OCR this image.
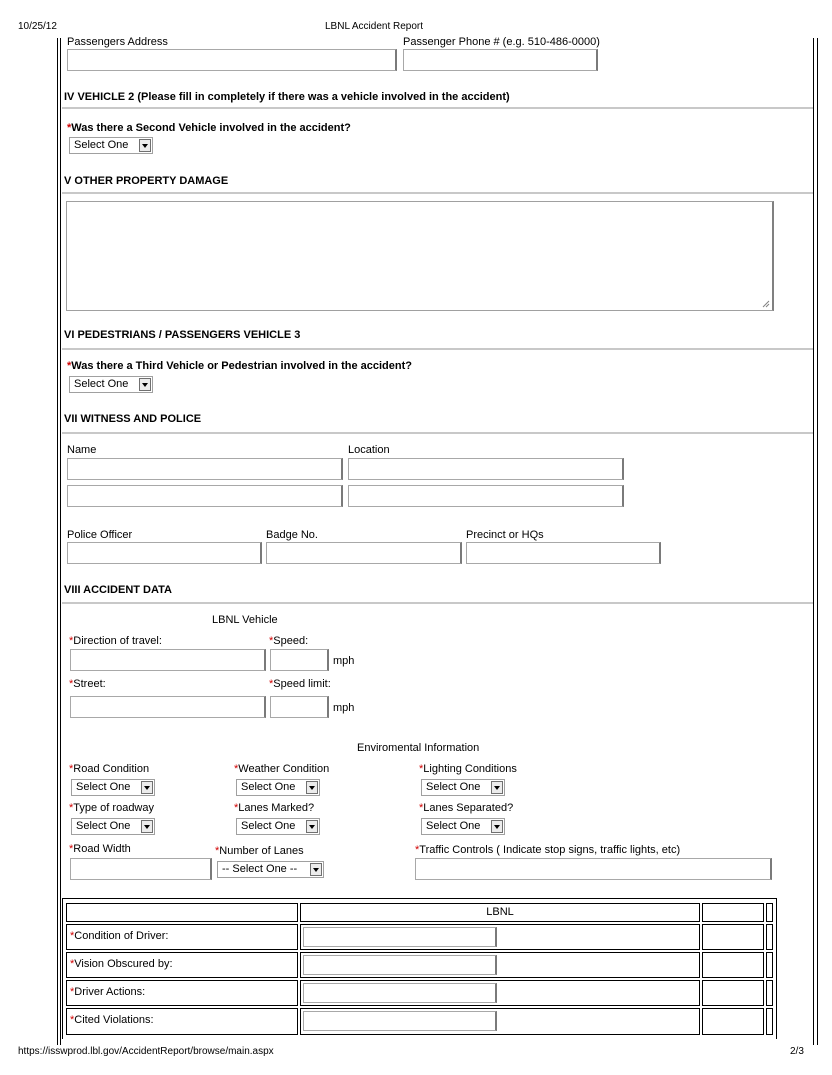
10/25/12	LBNL Accident Report
https://isswprod.lbl.gov/AccidentReport/browse/main.aspx	2/3
Passengers Address	Passenger Phone # (e.g. 510-486-0000)
IV VEHICLE 2 (Please fill in completely if there was a vehicle involved in the accident)
*Was there a Second Vehicle involved in the accident?
Select One
V OTHER PROPERTY DAMAGE
VI PEDESTRIANS / PASSENGERS VEHICLE 3
*Was there a Third Vehicle or Pedestrian involved in the accident?
Select One
VII WITNESS AND POLICE
Name	Location
Police Officer	Badge No.	Precinct or HQs
VIII ACCIDENT DATA
LBNL Vehicle
*Direction of travel:	*Speed:
mph
*Street:	*Speed limit:
mph
Enviromental Information
*Road Condition	*Weather Condition	*Lighting Conditions
Select One	Select One	Select One
*Type of roadway	*Lanes Marked?	*Lanes Separated?
Select One	Select One	Select One
*Road Width	*Number of Lanes	*Traffic Controls ( Indicate stop signs, traffic lights, etc)
-- Select One --
LBNL
*Condition of Driver:
*Vision Obscured by:
*Driver Actions:
*Cited Violations:
